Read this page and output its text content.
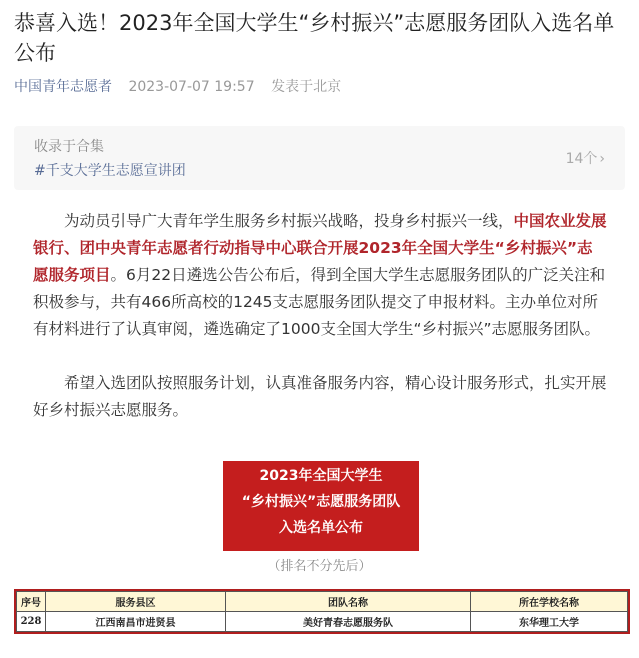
恭喜入选！2023年全国大学生“乡村振兴”志愿服务团队入选名单公布
中国青年志愿者 2023-07-07 19:57 发表于北京
收录于合集
#千支大学生志愿宣讲团
14个 ›
为动员引导广大青年学生服务乡村振兴战略，投身乡村振兴一线，中国农业发展银行、团中央青年志愿者行动指导中心联合开展2023年全国大学生“乡村振兴”志愿服务项目。6月22日遴选公告公布后，得到全国大学生志愿服务团队的广泛关注和积极参与，共有466所高校的1245支志愿服务团队提交了申报材料。主办单位对所有材料进行了认真审阅，遴选确定了1000支全国大学生“乡村振兴”志愿服务团队。
希望入选团队按照服务计划，认真准备服务内容，精心设计服务形式，扎实开展好乡村振兴志愿服务。
2023年全国大学生
“乡村振兴”志愿服务团队
入选名单公布
（排名不分先后）
序号	服务县区	团队名称	所在学校名称
228	江西南昌市进贤县	美好青春志愿服务队	东华理工大学
